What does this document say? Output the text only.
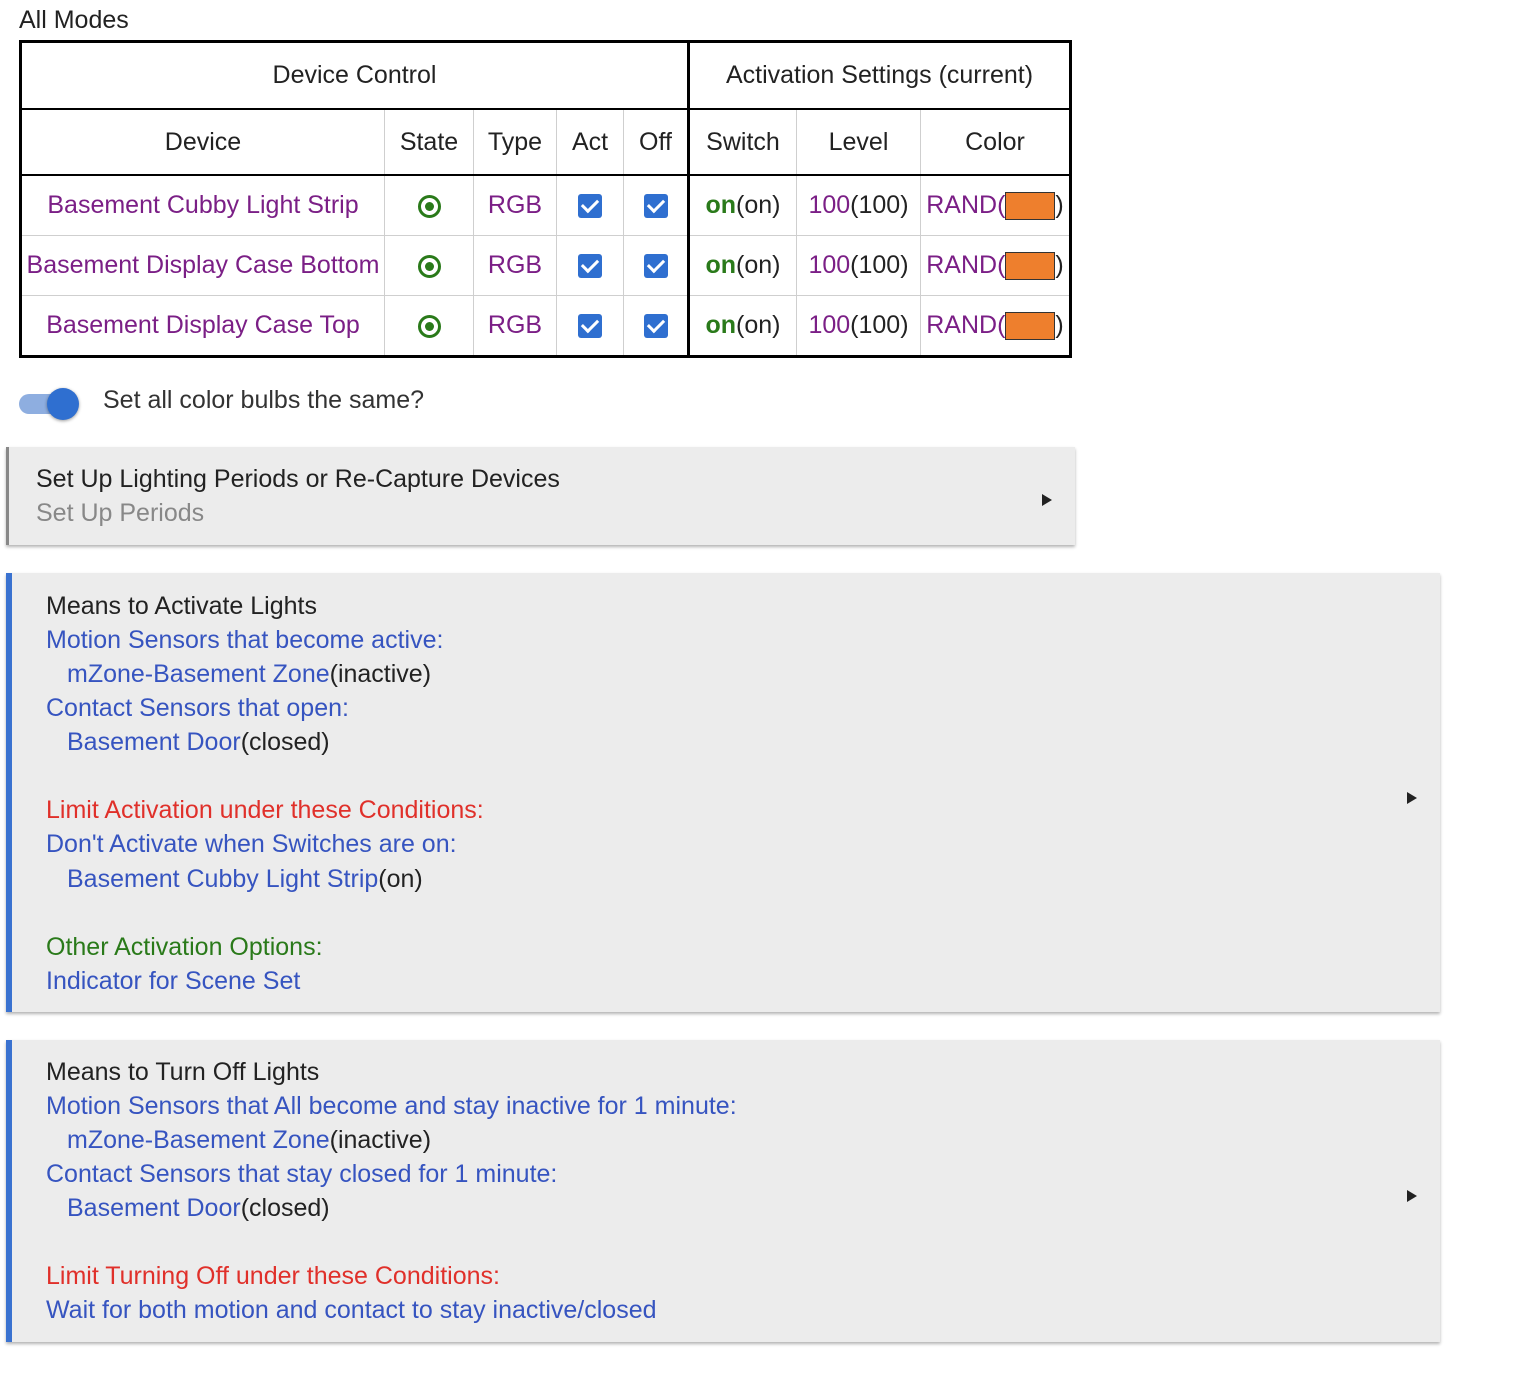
All Modes
Device Control					Activation Settings (current)		
Device	State	Type	Act	Off	Switch	Level	Color
Basement Cubby Light Strip		RGB			on(on)	100(100)	RAND( )
Basement Display Case Bottom		RGB			on(on)	100(100)	RAND( )
Basement Display Case Top		RGB			on(on)	100(100)	RAND( )
Set all color bulbs the same?
Set Up Lighting Periods or Re-Capture Devices
Set Up Periods
Means to Activate Lights
Motion Sensors that become active:
mZone-Basement Zone(inactive)
Contact Sensors that open:
Basement Door(closed)
Limit Activation under these Conditions:
Don't Activate when Switches are on:
Basement Cubby Light Strip(on)
Other Activation Options:
Indicator for Scene Set
Means to Turn Off Lights
Motion Sensors that All become and stay inactive for 1 minute:
mZone-Basement Zone(inactive)
Contact Sensors that stay closed for 1 minute:
Basement Door(closed)
Limit Turning Off under these Conditions:
Wait for both motion and contact to stay inactive/closed
